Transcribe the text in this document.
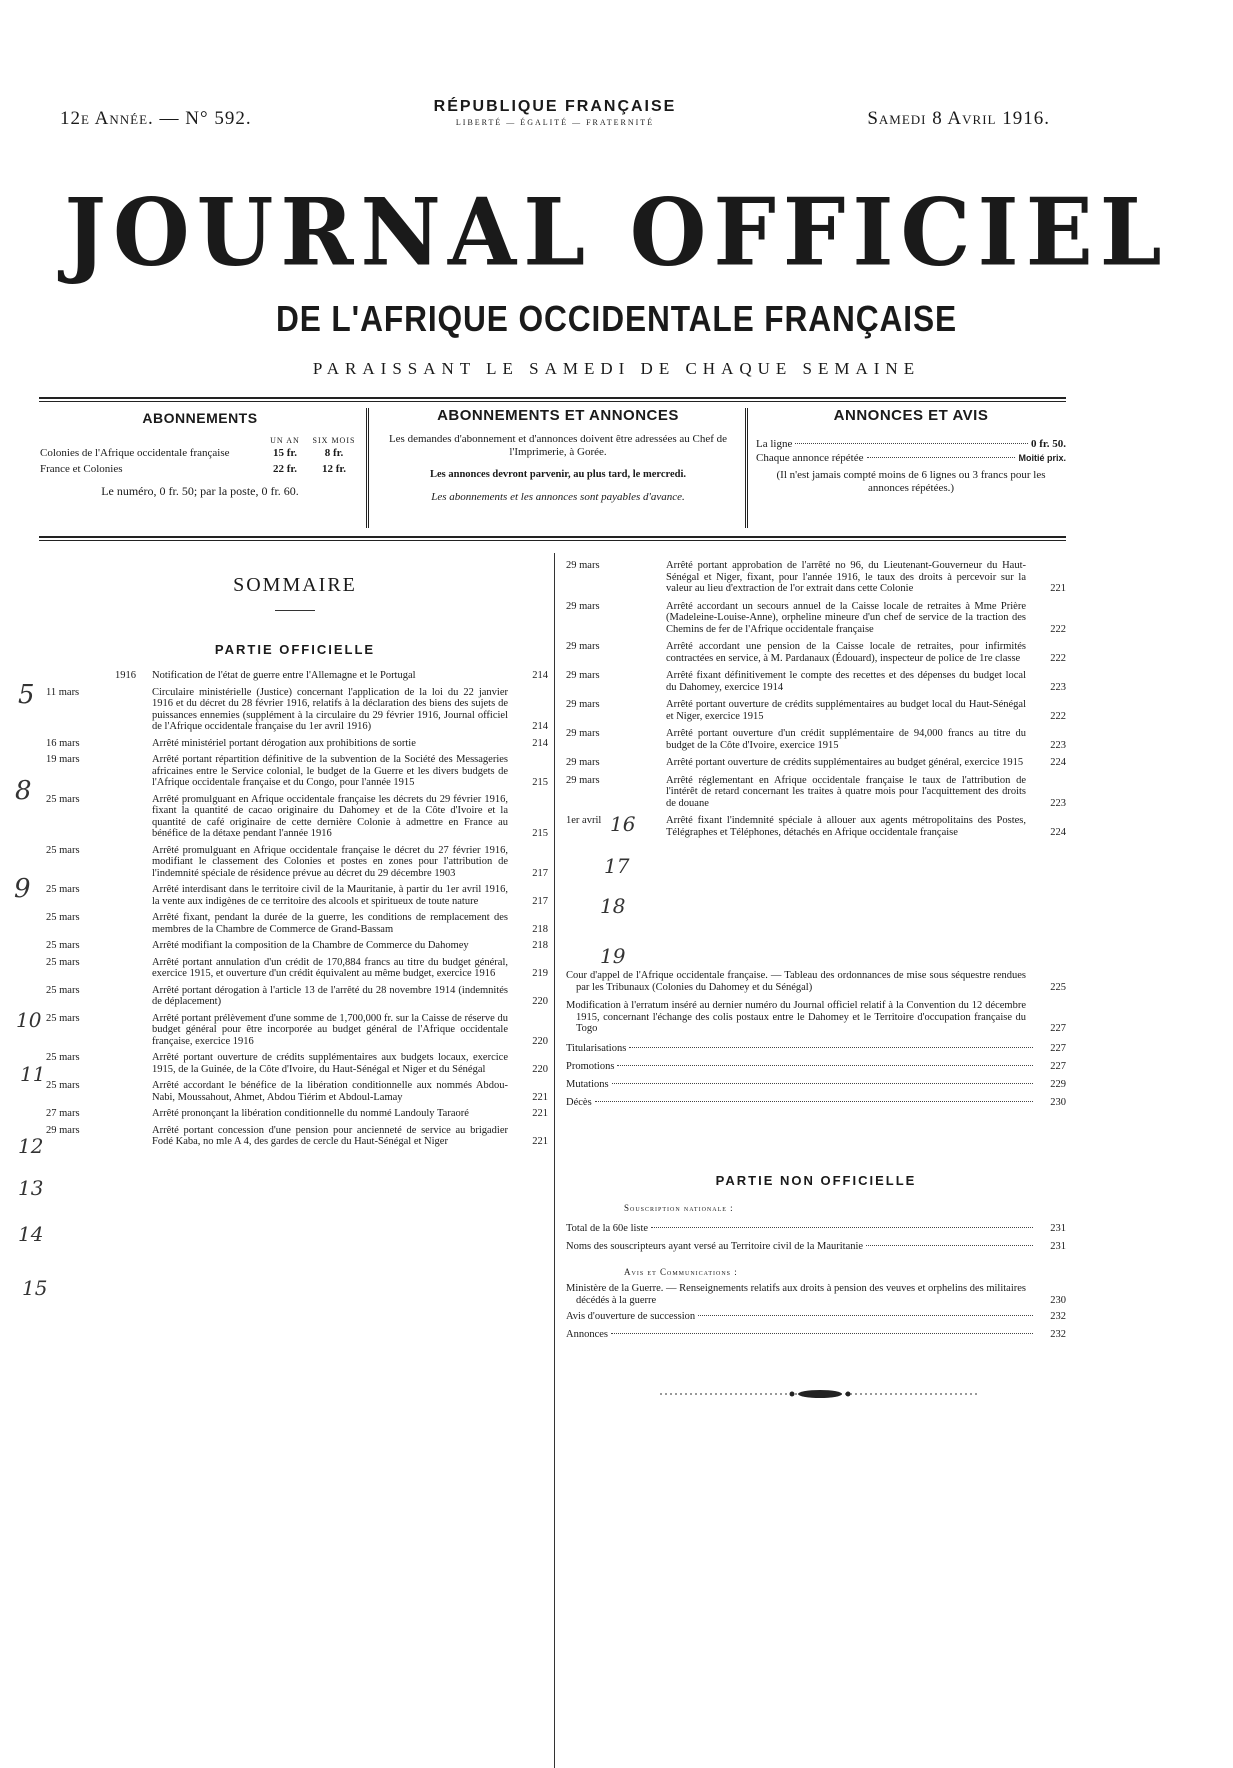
12e Année. — N° 592.
RÉPUBLIQUE FRANÇAISE
LIBERTÉ — ÉGALITÉ — FRATERNITÉ	Samedi 8 Avril 1916.
JOURNAL OFFICIEL
DE L'AFRIQUE OCCIDENTALE FRANÇAISE
PARAISSANT LE SAMEDI DE CHAQUE SEMAINE
ABONNEMENTS
UN AN	SIX MOIS
Colonies de l'Afrique occidentale française	15 fr.	8 fr.
France et Colonies	22 fr.	12 fr.
Le numéro, 0 fr. 50; par la poste, 0 fr. 60.
ABONNEMENTS ET ANNONCES
Les demandes d'abonnement et d'annonces doivent être adressées au Chef de l'Imprimerie, à Gorée.
Les annonces devront parvenir, au plus tard, le mercredi.
Les abonnements et les annonces sont payables d'avance.
ANNONCES ET AVIS
La ligne	0 fr. 50.
Chaque annonce répétée	Moitié prix.
(Il n'est jamais compté moins de 6 lignes ou 3 francs pour les annonces répétées.)
SOMMAIRE
PARTIE OFFICIELLE
1916	Notification de l'état de guerre entre l'Allemagne et le Portugal	214
11 mars	Circulaire ministérielle (Justice) concernant l'application de la loi du 22 janvier 1916 et du décret du 28 février 1916, relatifs à la déclaration des biens des sujets de puissances ennemies (supplément à la circulaire du 29 février 1916, Journal officiel de l'Afrique occidentale française du 1er avril 1916)	214
16 mars	Arrêté ministériel portant dérogation aux prohibitions de sortie	214
19 mars	Arrêté portant répartition définitive de la subvention de la Société des Messageries africaines entre le Service colonial, le budget de la Guerre et les divers budgets de l'Afrique occidentale française et du Congo, pour l'année 1915	215
25 mars	Arrêté promulguant en Afrique occidentale française les décrets du 29 février 1916, fixant la quantité de cacao originaire du Dahomey et de la Côte d'Ivoire et la quantité de café originaire de cette dernière Colonie à admettre en France au bénéfice de la détaxe pendant l'année 1916	215
25 mars	Arrêté promulguant en Afrique occidentale française le décret du 27 février 1916, modifiant le classement des Colonies et postes en zones pour l'attribution de l'indemnité spéciale de résidence prévue au décret du 29 décembre 1903	217
25 mars	Arrêté interdisant dans le territoire civil de la Mauritanie, à partir du 1er avril 1916, la vente aux indigènes de ce territoire des alcools et spiritueux de toute nature	217
25 mars	Arrêté fixant, pendant la durée de la guerre, les conditions de remplacement des membres de la Chambre de Commerce de Grand-Bassam	218
25 mars	Arrêté modifiant la composition de la Chambre de Commerce du Dahomey	218
25 mars	Arrêté portant annulation d'un crédit de 170,884 francs au titre du budget général, exercice 1915, et ouverture d'un crédit équivalent au même budget, exercice 1916	219
25 mars	Arrêté portant dérogation à l'article 13 de l'arrêté du 28 novembre 1914 (indemnités de déplacement)	220
25 mars	Arrêté portant prélèvement d'une somme de 1,700,000 fr. sur la Caisse de réserve du budget général pour être incorporée au budget général de l'Afrique occidentale française, exercice 1916	220
25 mars	Arrêté portant ouverture de crédits supplémentaires aux budgets locaux, exercice 1915, de la Guinée, de la Côte d'Ivoire, du Haut-Sénégal et Niger et du Sénégal	220
25 mars	Arrêté accordant le bénéfice de la libération conditionnelle aux nommés Abdou-Nabi, Moussahout, Ahmet, Abdou Tiérim et Abdoul-Lamay	221
27 mars	Arrêté prononçant la libération conditionnelle du nommé Landouly Taraoré	221
29 mars	Arrêté portant concession d'une pension pour ancienneté de service au brigadier Fodé Kaba, no mle A 4, des gardes de cercle du Haut-Sénégal et Niger	221
29 mars	Arrêté portant approbation de l'arrêté no 96, du Lieutenant-Gouverneur du Haut-Sénégal et Niger, fixant, pour l'année 1916, le taux des droits à percevoir sur la valeur au lieu d'extraction de l'or extrait dans cette Colonie	221
29 mars	Arrêté accordant un secours annuel de la Caisse locale de retraites à Mme Prière (Madeleine-Louise-Anne), orpheline mineure d'un chef de service de la traction des Chemins de fer de l'Afrique occidentale française	222
29 mars	Arrêté accordant une pension de la Caisse locale de retraites, pour infirmités contractées en service, à M. Pardanaux (Édouard), inspecteur de police de 1re classe	222
29 mars	Arrêté fixant définitivement le compte des recettes et des dépenses du budget local du Dahomey, exercice 1914	223
29 mars	Arrêté portant ouverture de crédits supplémentaires au budget local du Haut-Sénégal et Niger, exercice 1915	222
29 mars	Arrêté portant ouverture d'un crédit supplémentaire de 94,000 francs au titre du budget de la Côte d'Ivoire, exercice 1915	223
29 mars	Arrêté portant ouverture de crédits supplémentaires au budget général, exercice 1915	224
29 mars	Arrêté réglementant en Afrique occidentale française le taux de l'attribution de l'intérêt de retard concernant les traites à quatre mois pour l'acquittement des droits de douane	223
1er avril	Arrêté fixant l'indemnité spéciale à allouer aux agents métropolitains des Postes, Télégraphes et Téléphones, détachés en Afrique occidentale française	224
Cour d'appel de l'Afrique occidentale française. — Tableau des ordonnances de mise sous séquestre rendues par les Tribunaux (Colonies du Dahomey et du Sénégal)	225
Modification à l'erratum inséré au dernier numéro du Journal officiel relatif à la Convention du 12 décembre 1915, concernant l'échange des colis postaux entre le Dahomey et le Territoire d'occupation française du Togo	227
Titularisations	227
Promotions	227
Mutations	229
Décès	230
PARTIE NON OFFICIELLE
Souscription nationale :
Total de la 60e liste	231
Noms des souscripteurs ayant versé au Territoire civil de la Mauritanie	231
Avis et Communications :
Ministère de la Guerre. — Renseignements relatifs aux droits à pension des veuves et orphelins des militaires décédés à la guerre	230
Avis d'ouverture de succession	232
Annonces	232
5
8
9
10
11
12
13
14
15
16
17
18
19
